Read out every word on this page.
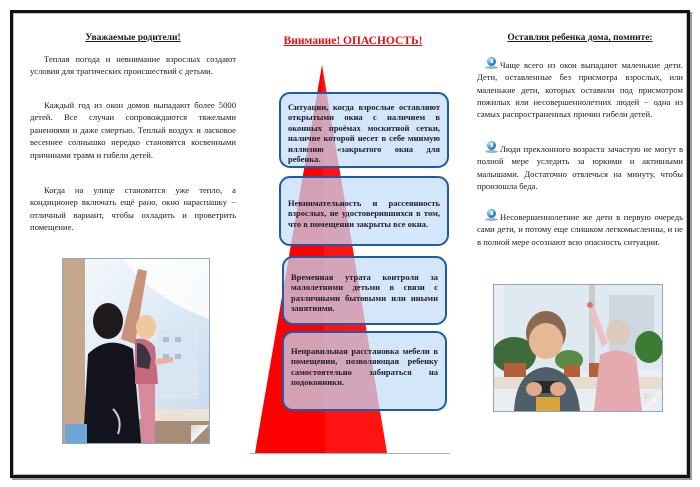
Уважаемые родители!

Теплая погода и невнимание взрослых создают условия для трагических происшествий с детьми.

Каждый год из окон домов выпадают более 5000 детей. Все случаи сопровождаются тяжелыми ранениями и даже смертью. Теплый воздух и ласковое весеннее солнышко нередко становятся косвенными причинами травм и гибели детей.

Когда на улице становится уже тепло, а кондиционер включать ещё рано, окно нараспашку − отличный вариант, чтобы охладить и проветрить помещение.

Внимание! ОПАСНОСТЬ!
Ситуации, когда взрослые оставляют открытыми окна с наличием в оконных проёмах москитной сетки, наличие которой несет в себе мнимую иллюзию «закрытого окна для ребенка.
Невнимательность и рассеянность взрослых, не удостоверившихся в том, что в помещении закрыты все окна.
Временная утрата контроля за малолетними детьми в связи с различными бытовыми или иными занятиями.
Неправильная расстановка мебели в помещении, позволяющая ребенку самостоятельно забираться на подоконники.
Оставляя ребенка дома, помните:

Чаще всего из окон выпадают маленькие дети. Дети, оставленные без присмотра взрослых, или маленькие дети, которых оставили под присмотром пожилых или несовершеннолетних людей − одна из самых распространенных причин гибели детей.

Люди преклонного возраста зачастую не могут в полной мере уследить за юркими и активными малышами. Достаточно отвлечься на минуту, чтобы произошла беда.

Несовершеннолетние же дети в первую очередь сами дети, и потому еще слишком легкомысленны, и не в полной мере осознают всю опасность ситуации.
